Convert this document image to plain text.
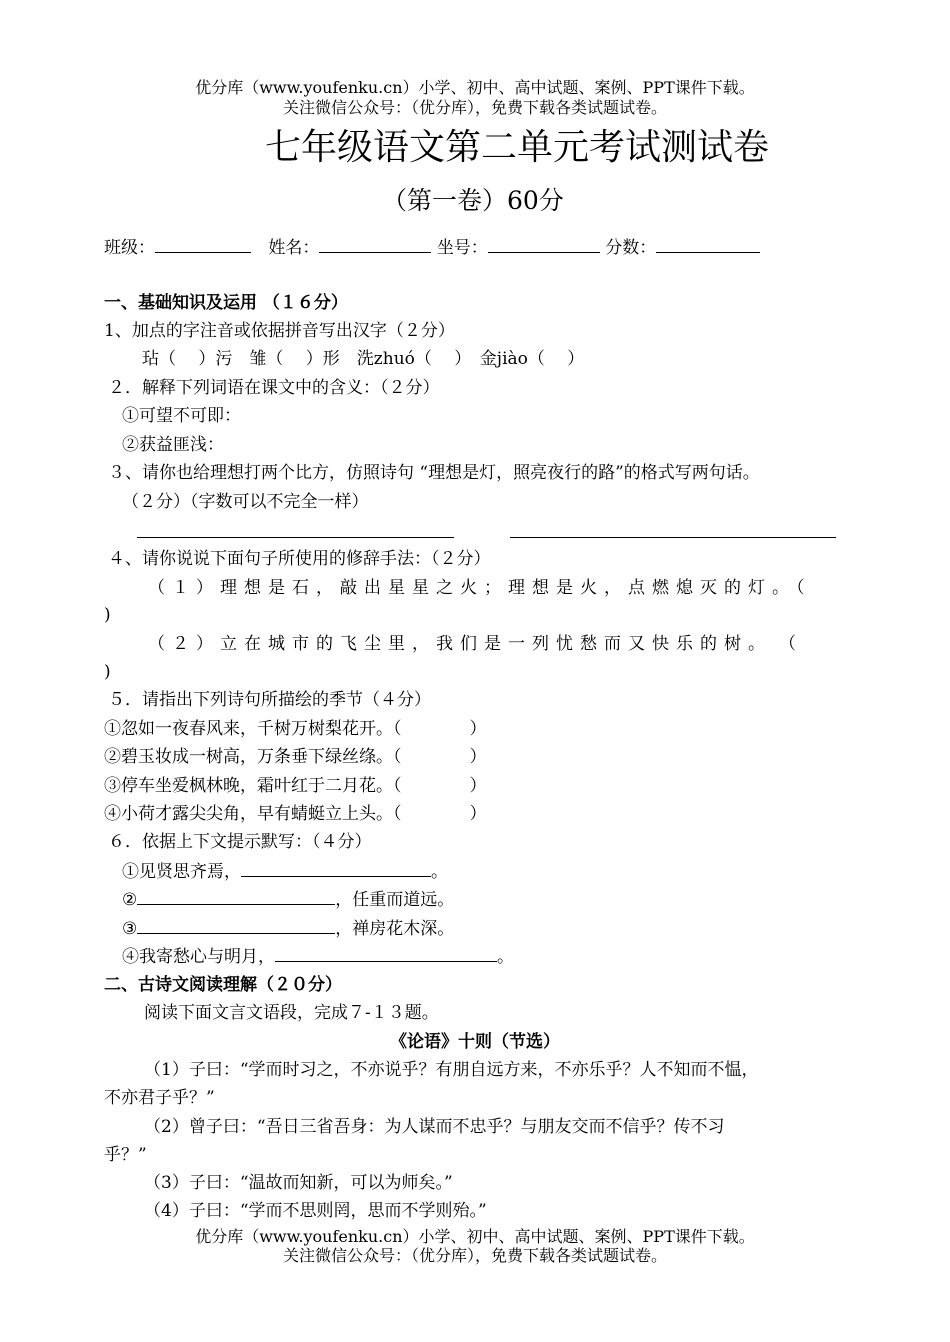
优分库（www.youfenku.cn）小学、初中、高中试题、案例、PPT课件下载。
关注微信公众号：（优分库），免费下载各类试题试卷。
七年级语文第二单元考试测试卷
（第一卷）60分
班级：	姓名：	坐号：	分数：
一、基础知识及运用 （１６分）
1、加点的字注音或依据拼音写出汉字（２分）
玷（　 ）污　雏（　 ）形　洗zhuó（　 ）　金jiào（　 ）
２．解释下列词语在课文中的含义：（２分）
①可望不可即：
②获益匪浅：
３、请你也给理想打两个比方，仿照诗句 “理想是灯，照亮夜行的路”的格式写两句话。
（２分）（字数可以不完全一样）
４、请你说说下面句子所使用的修辞手法：（２分）
（１）理想是石，敲出星星之火；理想是火，点燃熄灭的灯。（
)
（２）立在城市的飞尘里，我们是一列忧愁而又快乐的树。　（
)
５．请指出下列诗句所描绘的季节（４分）
①忽如一夜春风来，千树万树梨花开。（　　　　）
②碧玉妆成一树高，万条垂下绿丝绦。（　　　　）
③停车坐爱枫林晚，霜叶红于二月花。（　　　　）
④小荷才露尖尖角，早有蜻蜓立上头。（　　　　）
６．依据上下文提示默写：（４分）
①见贤思齐焉，	。
②	，任重而道远。
③	，禅房花木深。
④我寄愁心与明月，	。
二、古诗文阅读理解（２０分）
阅读下面文言文语段，完成７-１３题。
《论语》十则（节选）
（1）子曰：“学而时习之，不亦说乎？有朋自远方来，不亦乐乎？人不知而不愠，
不亦君子乎？”
（2）曾子曰：“吾日三省吾身：为人谋而不忠乎？与朋友交而不信乎？传不习
乎？”
（3）子曰：“温故而知新，可以为师矣。”
（4）子曰：“学而不思则罔，思而不学则殆。”
优分库（www.youfenku.cn）小学、初中、高中试题、案例、PPT课件下载。
关注微信公众号：（优分库），免费下载各类试题试卷。
